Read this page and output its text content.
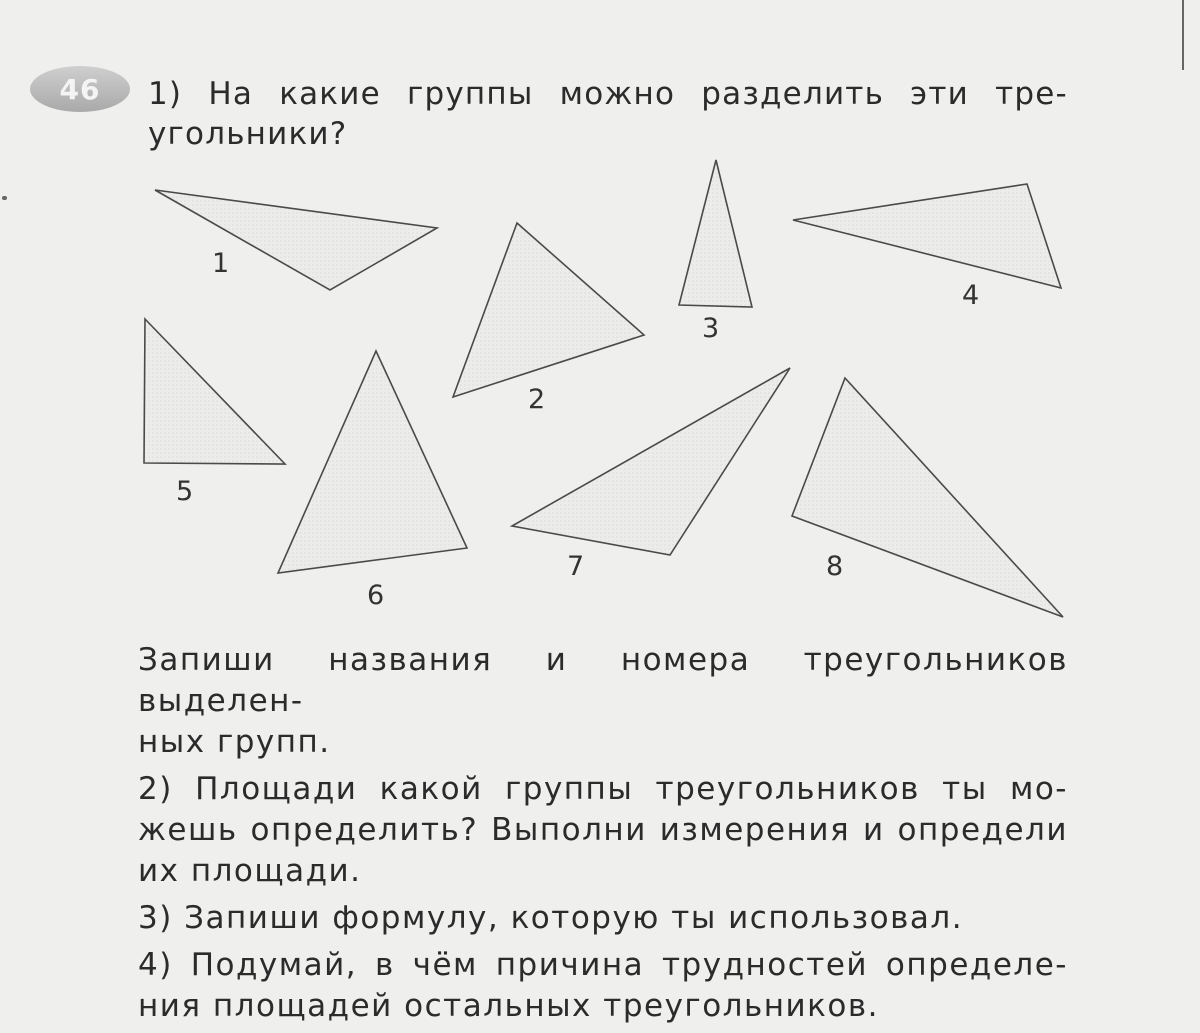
46 1) На какие группы можно разделить эти тре-
угольники?
1
2
3
4
5
6
7	8

Запиши названия и номера треугольников выделен-
ных групп.

2) Площади какой группы треугольников ты мо-
жешь определить? Выполни измерения и определи
их площади.

3) Запиши формулу, которую ты использовал.

4) Подумай, в чём причина трудностей определе-
ния площадей остальных треугольников.
